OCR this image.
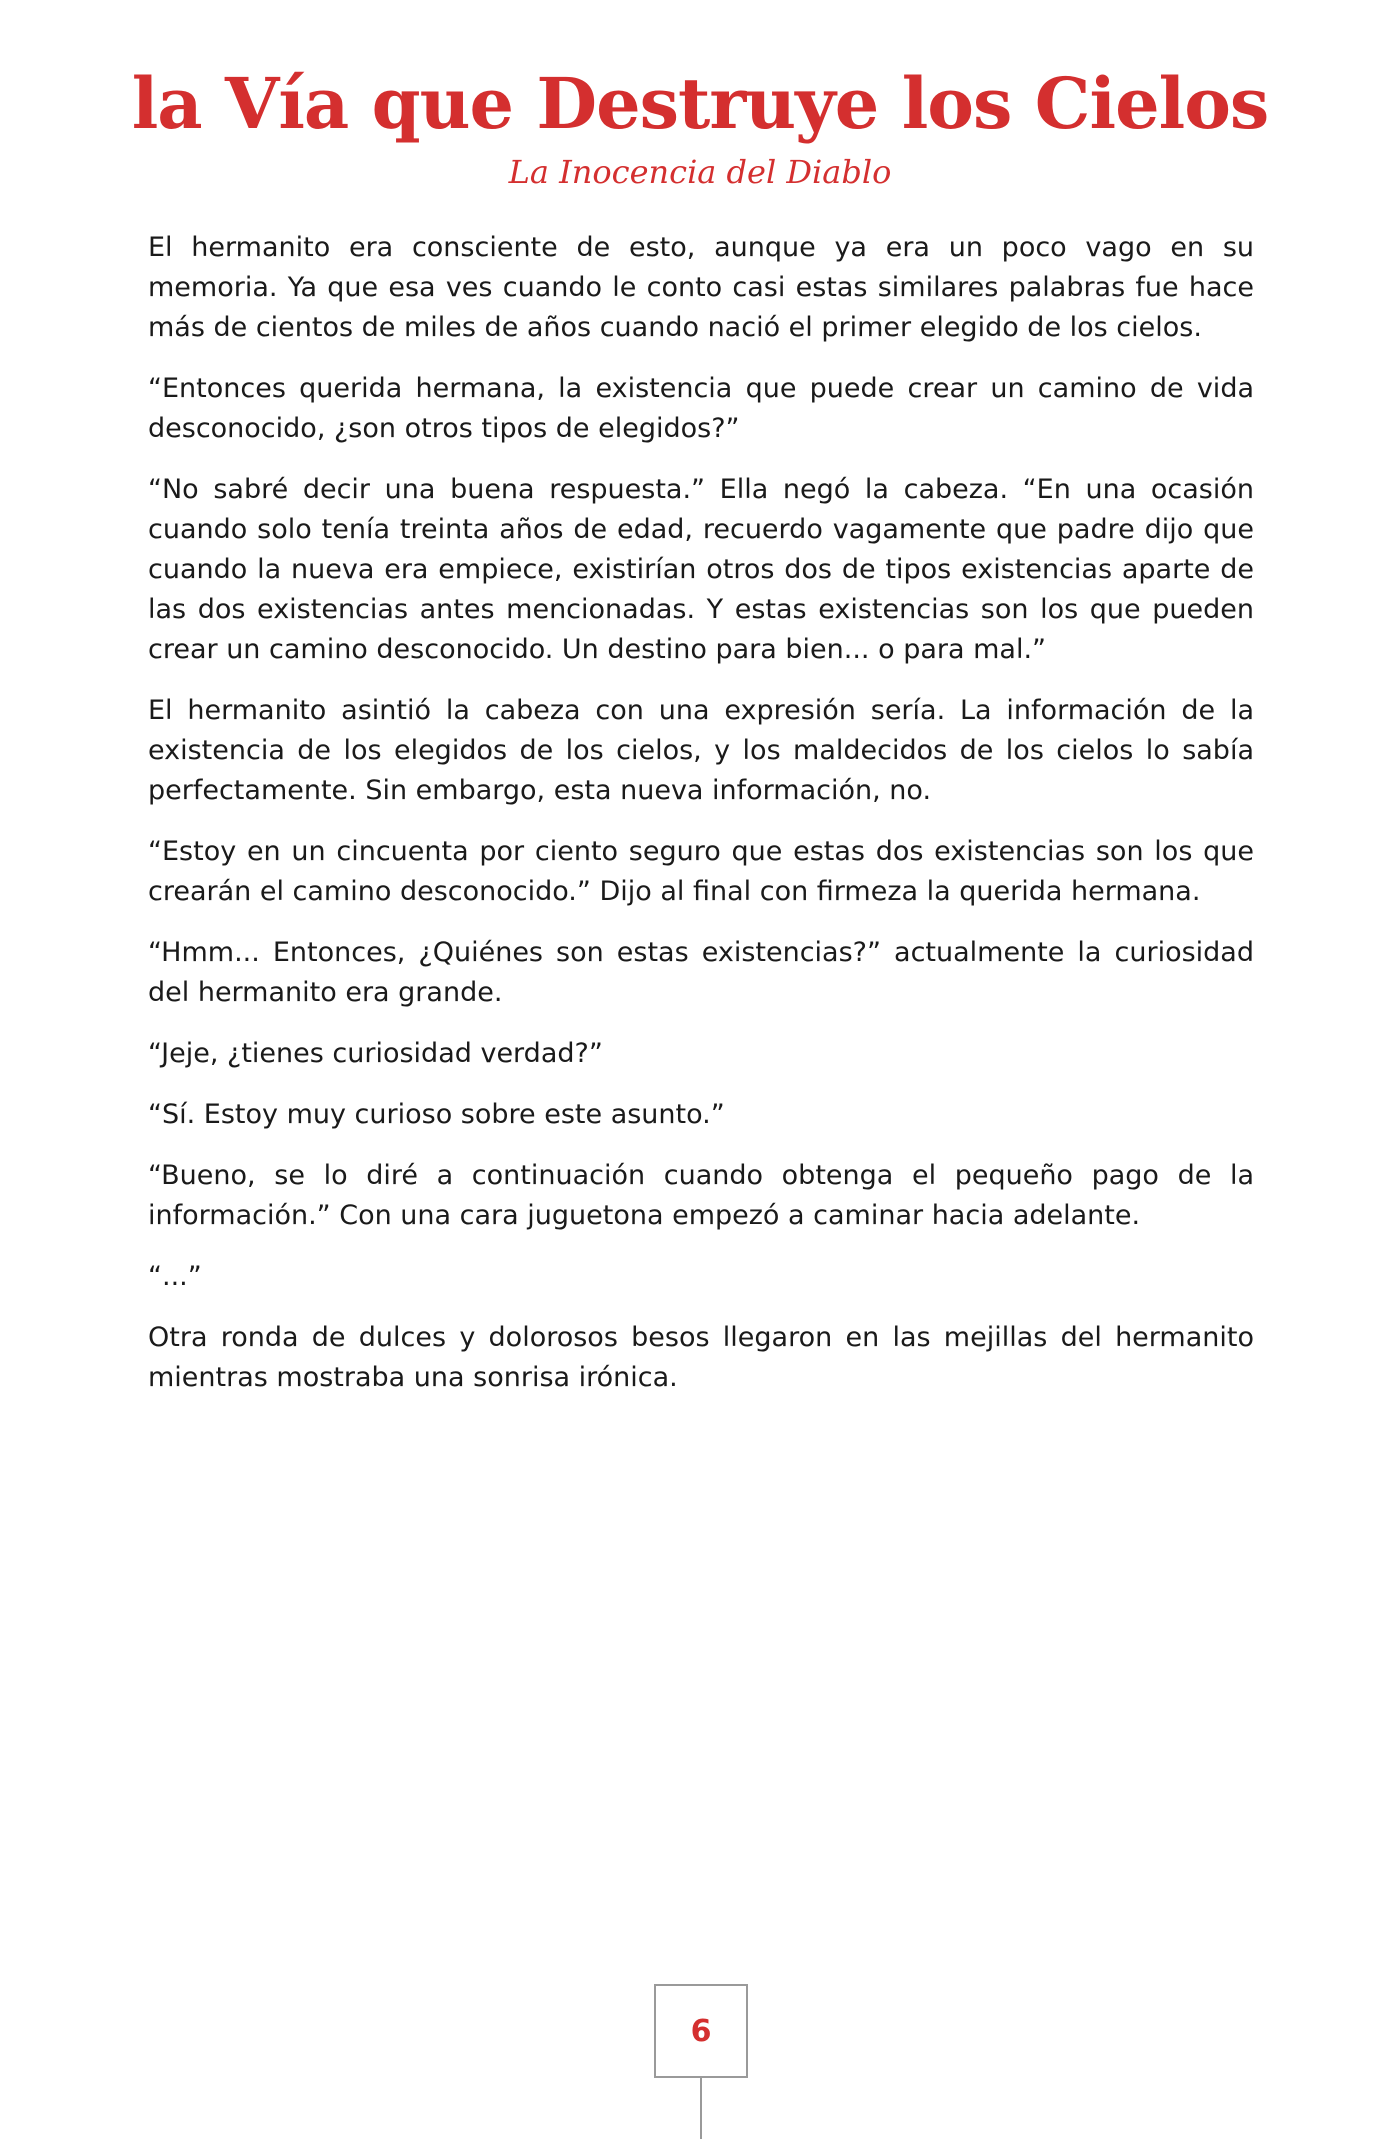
la Vía que Destruye los Cielos
La Inocencia del Diablo

El hermanito era consciente de esto, aunque ya era un poco vago en su memoria. Ya que esa ves cuando le conto casi estas similares palabras fue hace más de cientos de miles de años cuando nació el primer elegido de los cielos.

“Entonces querida hermana, la existencia que puede crear un camino de vida desconocido, ¿son otros tipos de elegidos?”

“No sabré decir una buena respuesta.” Ella negó la cabeza. “En una ocasión cuando solo tenía treinta años de edad, recuerdo vagamente que padre dijo que cuando la nueva era empiece, existirían otros dos de tipos existencias aparte de las dos existencias antes mencionadas. Y estas existencias son los que pueden crear un camino desconocido. Un destino para bien... o para mal.”

El hermanito asintió la cabeza con una expresión sería. La información de la existencia de los elegidos de los cielos, y los maldecidos de los cielos lo sabía perfectamente. Sin embargo, esta nueva información, no.

“Estoy en un cincuenta por ciento seguro que estas dos existencias son los que crearán el camino desconocido.” Dijo al final con firmeza la querida hermana.

“Hmm... Entonces, ¿Quiénes son estas existencias?” actualmente la curiosidad del hermanito era grande.

“Jeje, ¿tienes curiosidad verdad?”

“Sí. Estoy muy curioso sobre este asunto.”

“Bueno, se lo diré a continuación cuando obtenga el pequeño pago de la información.” Con una cara juguetona empezó a caminar hacia adelante.

“...”

Otra ronda de dulces y dolorosos besos llegaron en las mejillas del hermanito mientras mostraba una sonrisa irónica.

6
